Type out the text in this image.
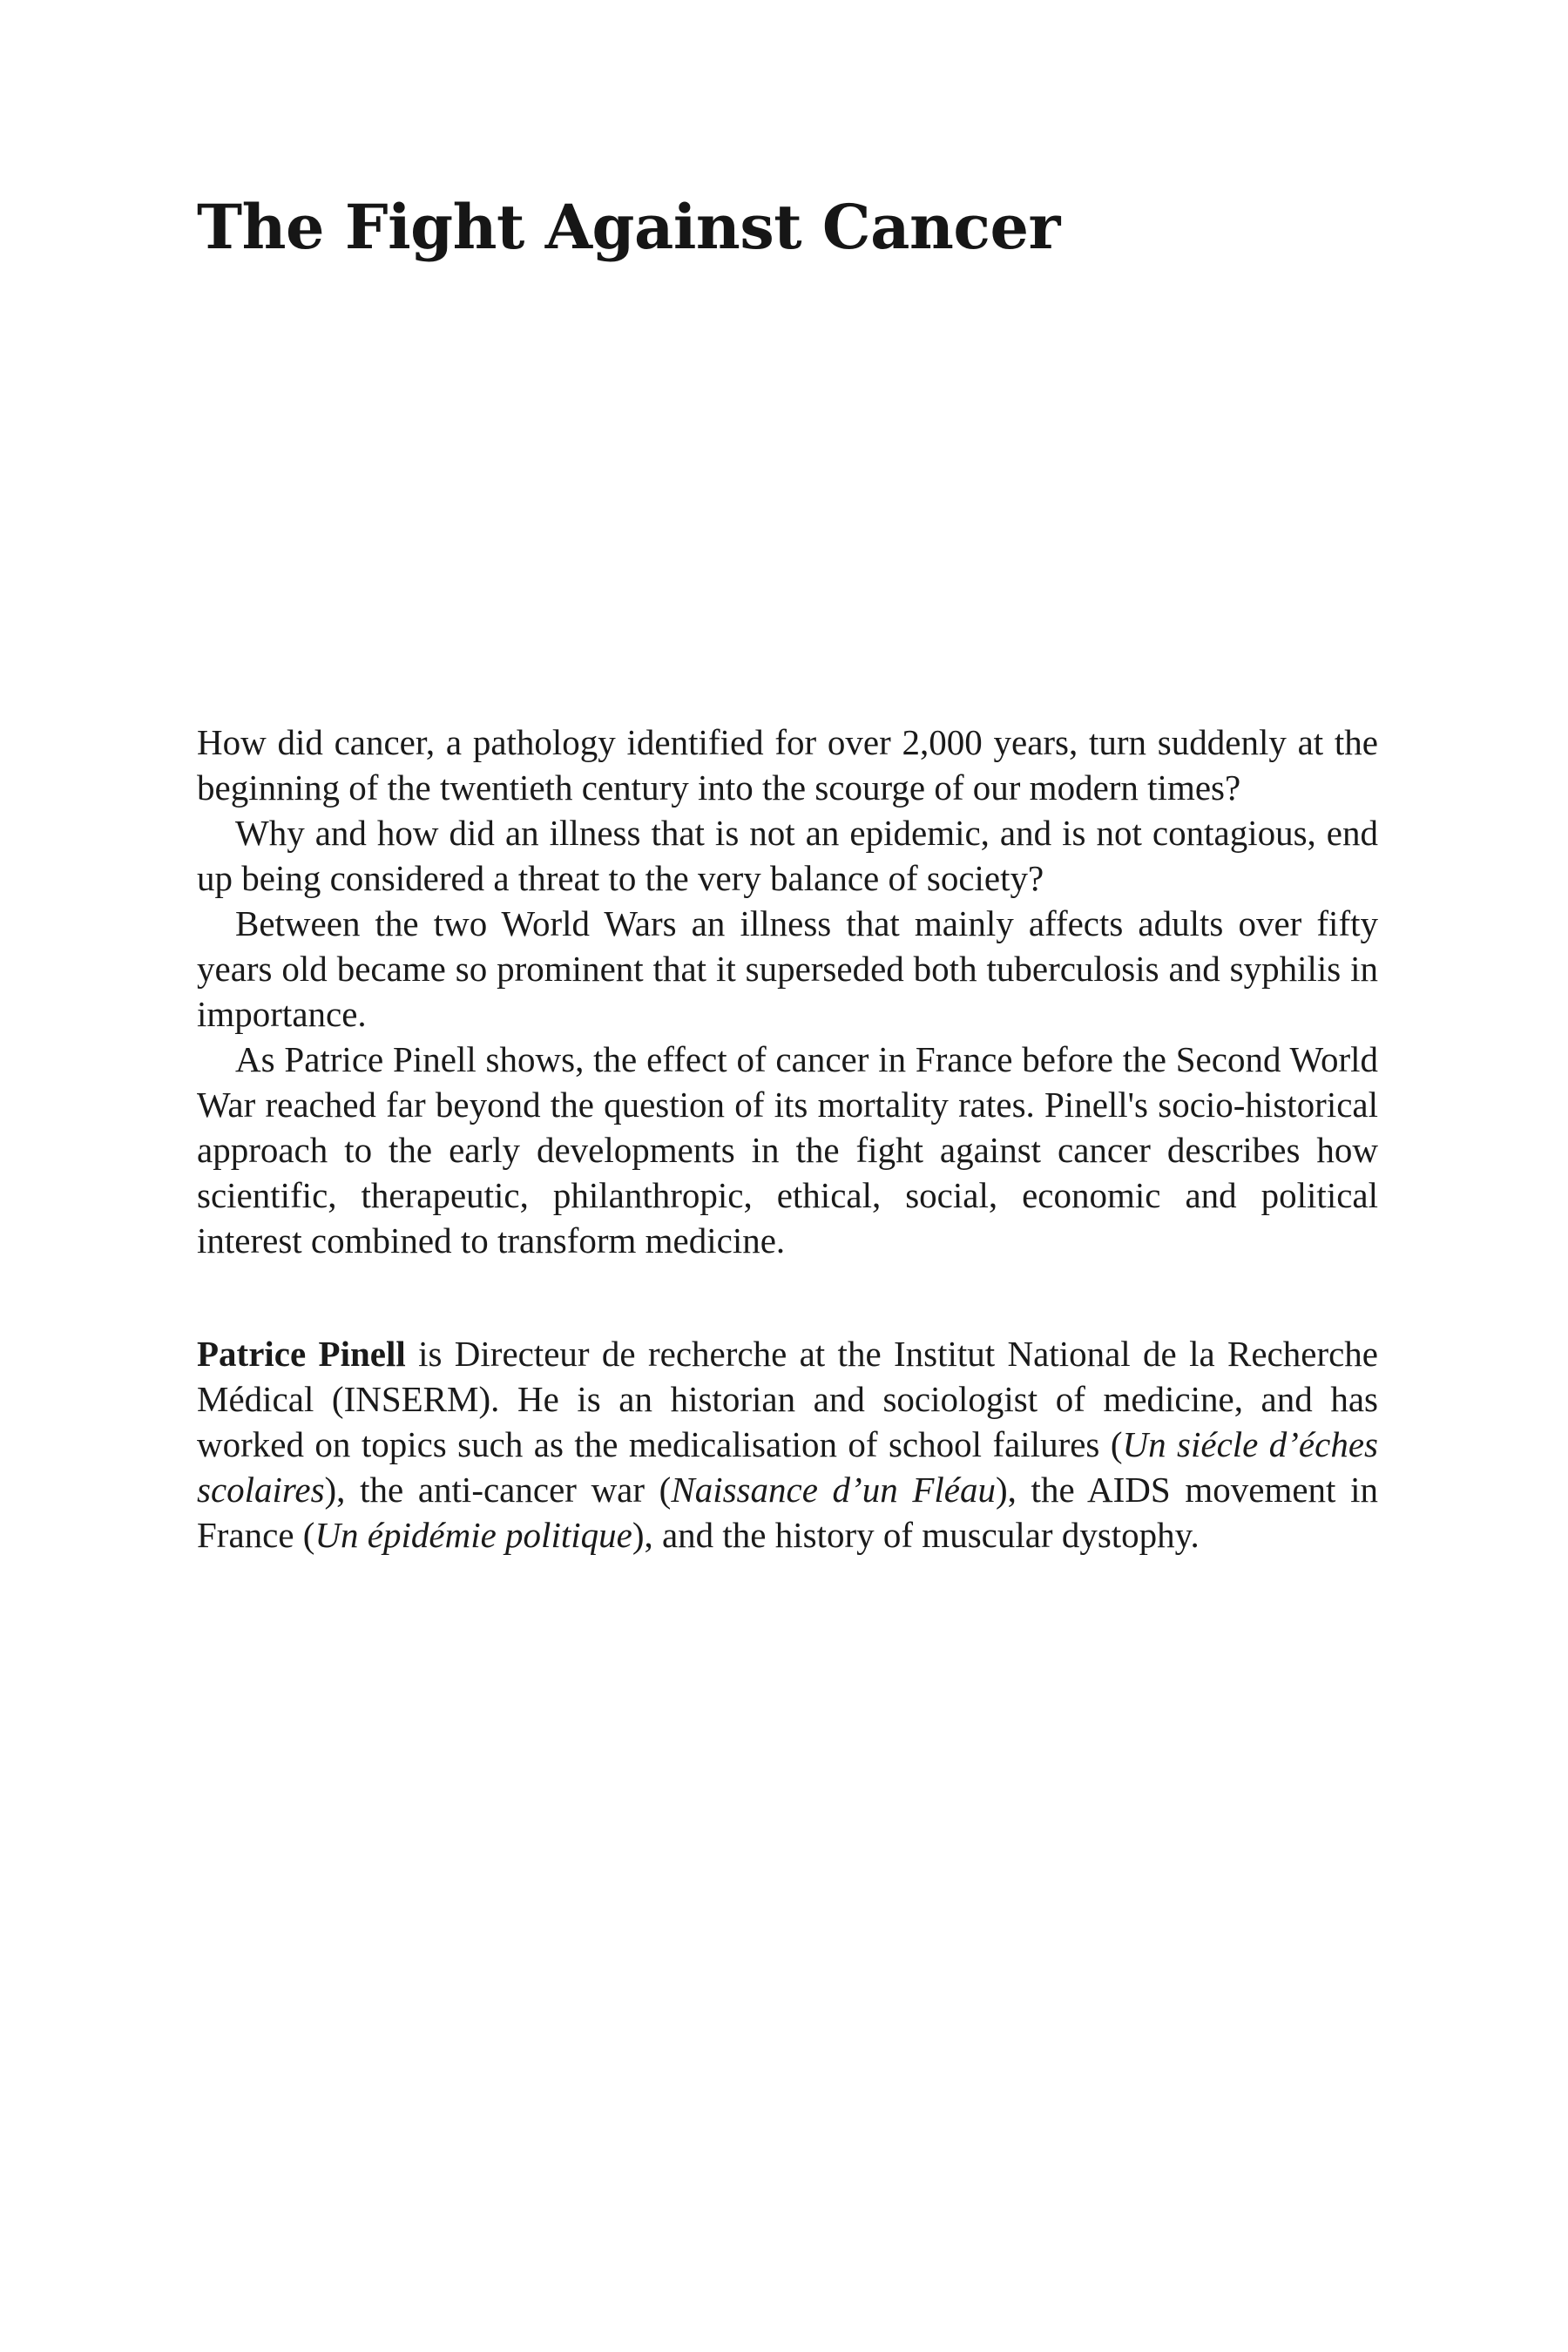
The Fight Against Cancer

How did cancer, a pathology identified for over 2,000 years, turn suddenly at the beginning of the twentieth century into the scourge of our modern times?

Why and how did an illness that is not an epidemic, and is not contagious, end up being considered a threat to the very balance of society?

Between the two World Wars an illness that mainly affects adults over fifty years old became so prominent that it superseded both tuberculosis and syphilis in importance.

As Patrice Pinell shows, the effect of cancer in France before the Second World War reached far beyond the question of its mortality rates. Pinell's socio-historical approach to the early developments in the fight against cancer describes how scientific, therapeutic, philanthropic, ethical, social, economic and political interest combined to transform medicine.

Patrice Pinell is Directeur de recherche at the Institut National de la Recherche Médical (INSERM). He is an historian and sociologist of medicine, and has worked on topics such as the medicalisation of school failures (Un siécle d’éches scolaires), the anti-cancer war (Naissance d’un Fléau), the AIDS movement in France (Un épidémie politique), and the history of muscular dystophy.
